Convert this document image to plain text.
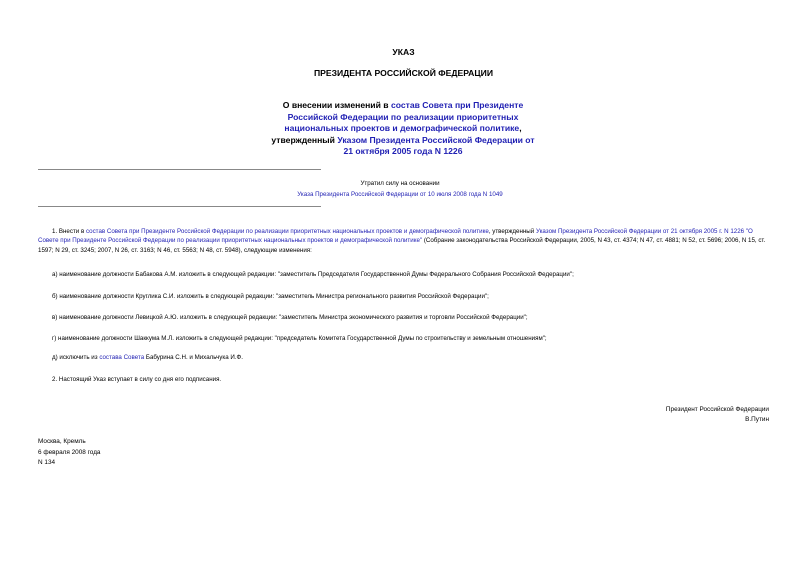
УКАЗ
ПРЕЗИДЕНТА РОССИЙСКОЙ ФЕДЕРАЦИИ
О внесении изменений в состав Совета при Президенте Российской Федерации по реализации приоритетных национальных проектов и демографической политике, утвержденный Указом Президента Российской Федерации от 21 октября 2005 года N 1226
Утратил силу на основании
Указа Президента Российской Федерации от 10 июля 2008 года N 1049
1. Внести в состав Совета при Президенте Российской Федерации по реализации приоритетных национальных проектов и демографической политике, утвержденный Указом Президента Российской Федерации от 21 октября 2005 г. N 1226 "О Совете при Президенте Российской Федерации по реализации приоритетных национальных проектов и демографической политике" (Собрание законодательства Российской Федерации, 2005, N 43, ст. 4374; N 47, ст. 4881; N 52, ст. 5696; 2006, N 15, ст. 1597; N 29, ст. 3245; 2007, N 26, ст. 3163; N 46, ст. 5563; N 48, ст. 5948), следующие изменения:
а) наименование должности Бабакова А.М. изложить в следующей редакции: "заместитель Председателя Государственной Думы Федерального Собрания Российской Федерации";
б) наименование должности Круглика С.И. изложить в следующей редакции: "заместитель Министра регионального развития Российской Федерации";
в) наименование должности Левицкой А.Ю. изложить в следующей редакции: "заместитель Министра экономического развития и торговли Российской Федерации";
г) наименование должности Шаккума М.Л. изложить в следующей редакции: "председатель Комитета Государственной Думы по строительству и земельным отношениям";
д) исключить из состава Совета Бабурина С.Н. и Михальчука И.Ф.
2. Настоящий Указ вступает в силу со дня его подписания.
Президент Российской Федерации
В.Путин
Москва, Кремль
6 февраля 2008 года
N 134
